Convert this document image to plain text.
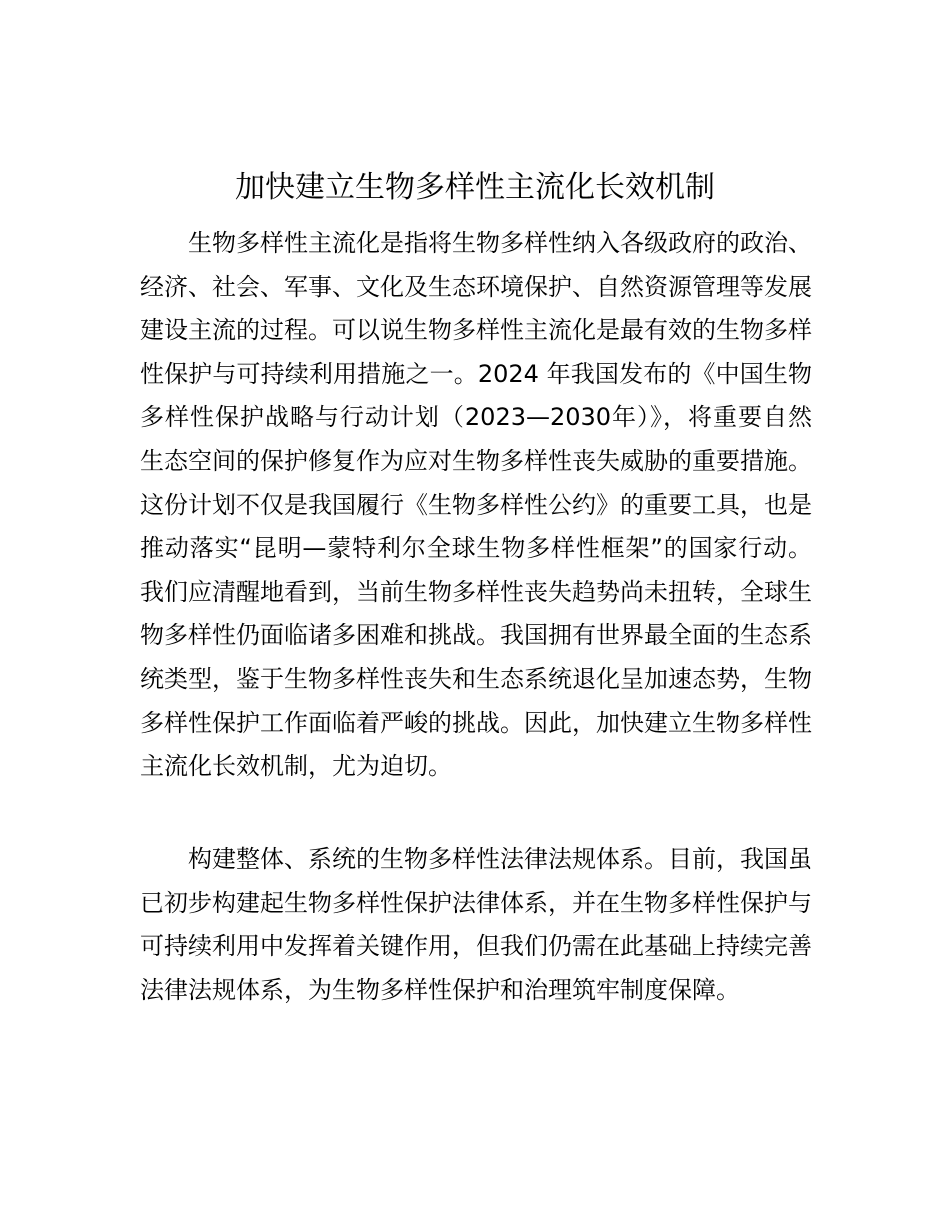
加快建立生物多样性主流化长效机制

生物多样性主流化是指将生物多样性纳入各级政府的政治、经济、社会、军事、文化及生态环境保护、自然资源管理等发展建设主流的过程。可以说生物多样性主流化是最有效的生物多样性保护与可持续利用措施之一。2024 年我国发布的《中国生物多样性保护战略与行动计划（2023—2030年）》，将重要自然生态空间的保护修复作为应对生物多样性丧失威胁的重要措施。这份计划不仅是我国履行《生物多样性公约》的重要工具，也是推动落实“昆明—蒙特利尔全球生物多样性框架”的国家行动。我们应清醒地看到，当前生物多样性丧失趋势尚未扭转，全球生物多样性仍面临诸多困难和挑战。我国拥有世界最全面的生态系统类型，鉴于生物多样性丧失和生态系统退化呈加速态势，生物多样性保护工作面临着严峻的挑战。因此，加快建立生物多样性主流化长效机制，尤为迫切。

构建整体、系统的生物多样性法律法规体系。目前，我国虽已初步构建起生物多样性保护法律体系，并在生物多样性保护与可持续利用中发挥着关键作用，但我们仍需在此基础上持续完善法律法规体系，为生物多样性保护和治理筑牢制度保障。
